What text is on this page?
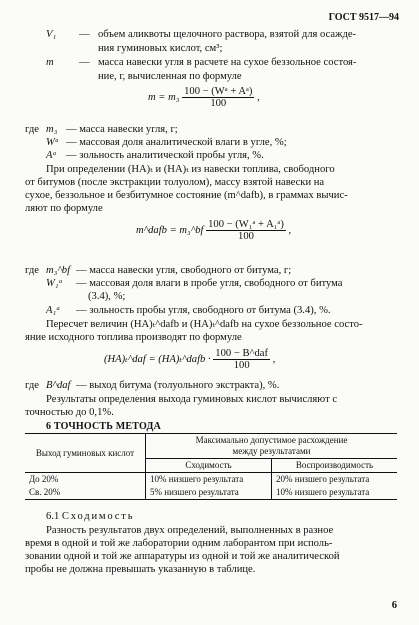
ГОСТ 9517—94
V₁ — объем аликвоты щелочного раствора, взятой для осажде-
ния гуминовых кислот, см³;
m — масса навески угля в расчете на сухое беззольное состоя-
ние, г, вычисленная по формуле
$m = m_3 \frac{\text{100 − (Wᵃ + Aᵃ)}}{100}$ ,
где m₃ — масса навески угля, г;
Wᵃ — массовая доля аналитической влаги в угле, %;
Aᵃ — зольность аналитической пробы угля, %.
При определении (HA)ₜ и (HA)ₜ из навески топлива, свободного
от битумов (после экстракции толуолом), массу взятой навески на
сухое, беззольное и безбитумное состояние (m^dafb), в граммах вычис-
ляют по формуле
m^dafb = m₃^bf $\frac{\text{100 − (W₁ᵃ + A₁ᵃ)}}{100}$ ,
где m₃^bf — масса навески угля, свободного от битума, г;
W₁ᵃ — массовая доля влаги в пробе угля, свободного от битума
(3.4), %;
A₁ᵃ — зольность пробы угля, свободного от битума (3.4), %.
Пересчет величин (HA)ₜ^dafb и (HA)ₜ^dafb на сухое беззольное состо-
яние исходного топлива производят по формуле
(HA)ₜ^daf = (HA)ₜ^dafb · $\frac{\text{100 − B\textasciicircum{}daf}}{100}$ ,
где B^daf — выход битума (толуольного экстракта), %.
Результаты определения выхода гуминовых кислот вычисляют с
точностью до 0,1%.
6 ТОЧНОСТЬ МЕТОДА
Выход гуминовых кислот	Максимально допустимое расхождение
между результатами	

	Сходимость	Воспроизводимость
До 20%	10% низшего результата	20% низшего результата
Св. 20%	5% низшего результата	10% низшего результата
6.1 Сходимость
Разность результатов двух определений, выполненных в разное
время в одной и той же лаборатории одним лаборантом при исполь-
зовании одной и той же аппаратуры из одной и той же аналитической
пробы не должна превышать указанную в таблице.
6
